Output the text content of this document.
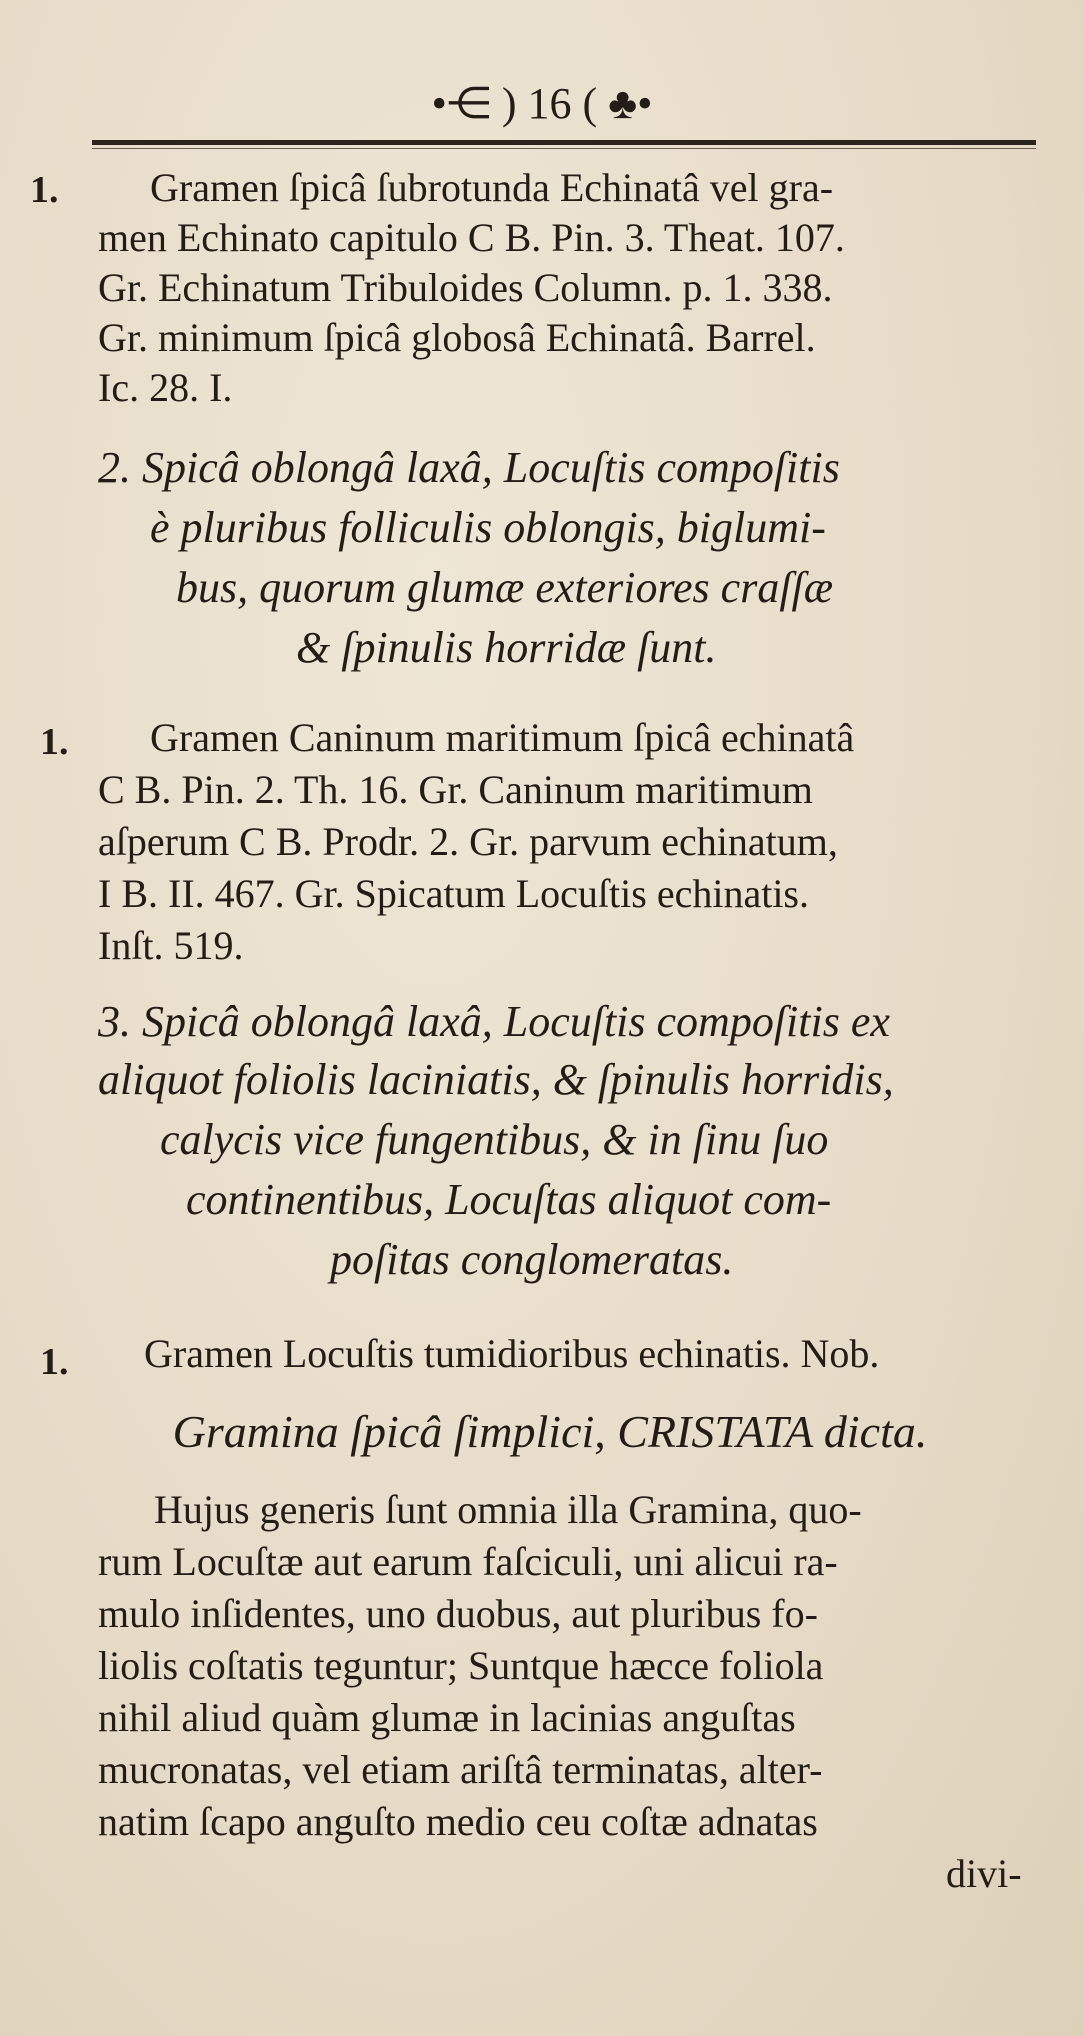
•⋲ ) 16 ( ♣•
1. Gramen ſpicâ ſubrotunda Echinatâ vel gra-
men Echinato capitulo C B. Pin. 3. Theat. 107.
Gr. Echinatum Tribuloides Column. p. 1. 338.
Gr. minimum ſpicâ globosâ Echinatâ. Barrel.
Ic. 28. I.
2. Spicâ oblongâ laxâ, Locuſtis compoſitis
è pluribus folliculis oblongis, biglumi-
bus, quorum glumæ exteriores craſſæ
& ſpinulis horridæ ſunt.
1. Gramen Caninum maritimum ſpicâ echinatâ
C B. Pin. 2. Th. 16. Gr. Caninum maritimum
aſperum C B. Prodr. 2. Gr. parvum echinatum,
I B. II. 467. Gr. Spicatum Locuſtis echinatis.
Inſt. 519.
3. Spicâ oblongâ laxâ, Locuſtis compoſitis ex
aliquot foliolis laciniatis, & ſpinulis horridis,
calycis vice fungentibus, & in ſinu ſuo
continentibus, Locuſtas aliquot com-
poſitas conglomeratas.
1. Gramen Locuſtis tumidioribus echinatis. Nob.
Gramina ſpicâ ſimplici, CRISTATA dicta.
Hujus generis ſunt omnia illa Gramina, quo-
rum Locuſtæ aut earum faſciculi, uni alicui ra-
mulo inſidentes, uno duobus, aut pluribus fo-
liolis coſtatis teguntur; Suntque hæcce foliola
nihil aliud quàm glumæ in lacinias anguſtas
mucronatas, vel etiam ariſtâ terminatas, alter-
natim ſcapo anguſto medio ceu coſtæ adnatas
divi-
